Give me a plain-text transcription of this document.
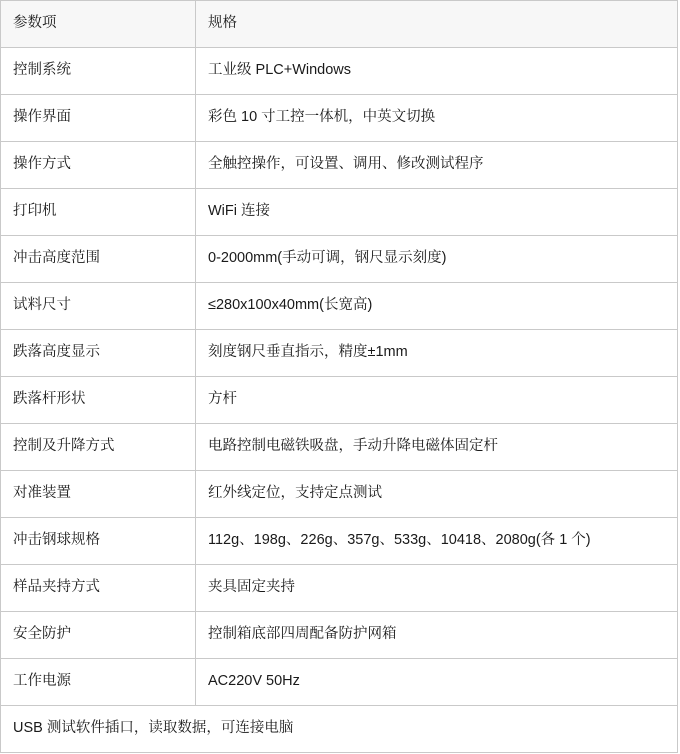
参数项	规格
控制系统	工业级 PLC+Windows
操作界面	彩色 10 寸工控一体机，中英文切换
操作方式	全触控操作，可设置、调用、修改测试程序
打印机	WiFi 连接
冲击高度范围	0-2000mm(手动可调，钢尺显示刻度)
试料尺寸	≤280x100x40mm(长宽高)
跌落高度显示	刻度钢尺垂直指示，精度±1mm
跌落杆形状	方杆
控制及升降方式	电路控制电磁铁吸盘，手动升降电磁体固定杆
对准装置	红外线定位，支持定点测试
冲击钢球规格	112g、198g、226g、357g、533g、10418、2080g(各 1 个)
样品夹持方式	夹具固定夹持
安全防护	控制箱底部四周配备防护网箱
工作电源	AC220V 50Hz
USB 测试软件插口，读取数据，可连接电脑	
